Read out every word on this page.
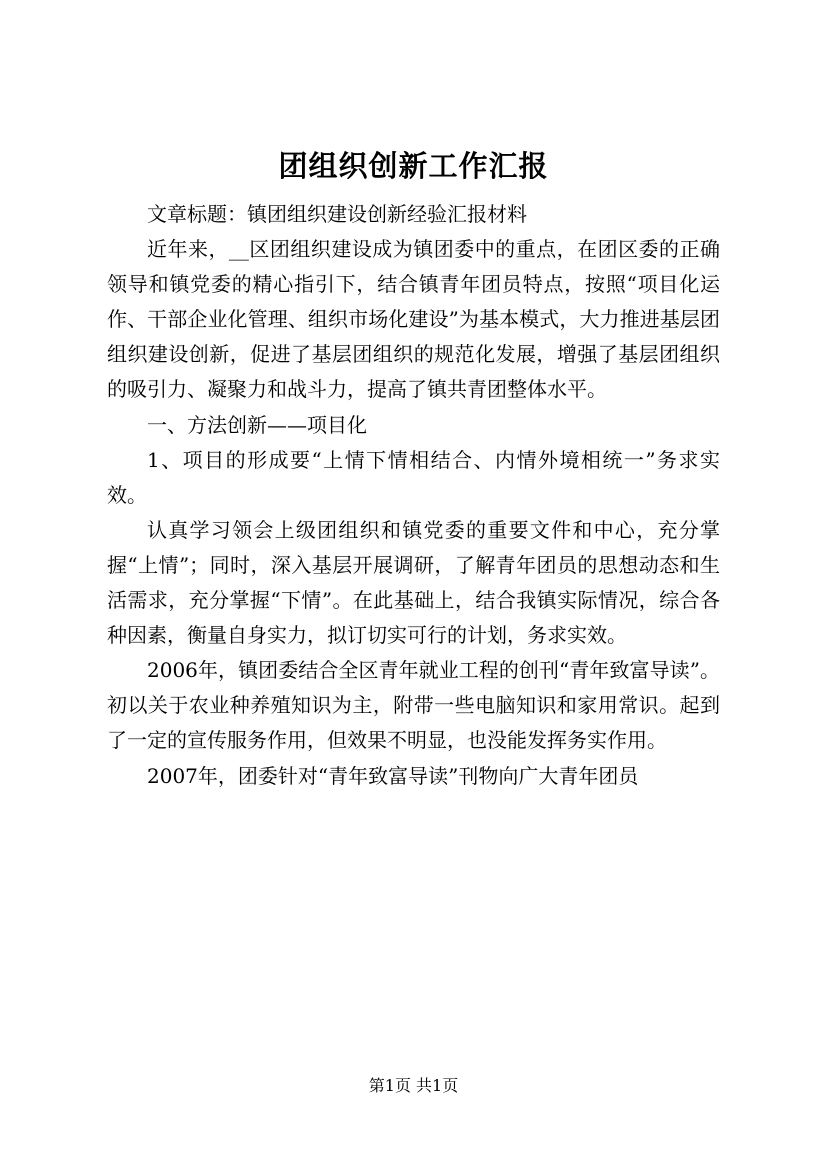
团组织创新工作汇报

文章标题：镇团组织建设创新经验汇报材料

近年来，__区团组织建设成为镇团委中的重点，在团区委的正确领导和镇党委的精心指引下，结合镇青年团员特点，按照“项目化运作、干部企业化管理、组织市场化建设”为基本模式，大力推进基层团组织建设创新，促进了基层团组织的规范化发展，增强了基层团组织的吸引力、凝聚力和战斗力，提高了镇共青团整体水平。

一、方法创新——项目化

1、项目的形成要“上情下情相结合、内情外境相统一”务求实效。

认真学习领会上级团组织和镇党委的重要文件和中心，充分掌握“上情”；同时，深入基层开展调研，了解青年团员的思想动态和生活需求，充分掌握“下情”。在此基础上，结合我镇实际情况，综合各种因素，衡量自身实力，拟订切实可行的计划，务求实效。

2006年，镇团委结合全区青年就业工程的创刊“青年致富导读”。初以关于农业种养殖知识为主，附带一些电脑知识和家用常识。起到了一定的宣传服务作用，但效果不明显，也没能发挥务实作用。

2007年，团委针对“青年致富导读”刊物向广大青年团员

第1页 共1页
